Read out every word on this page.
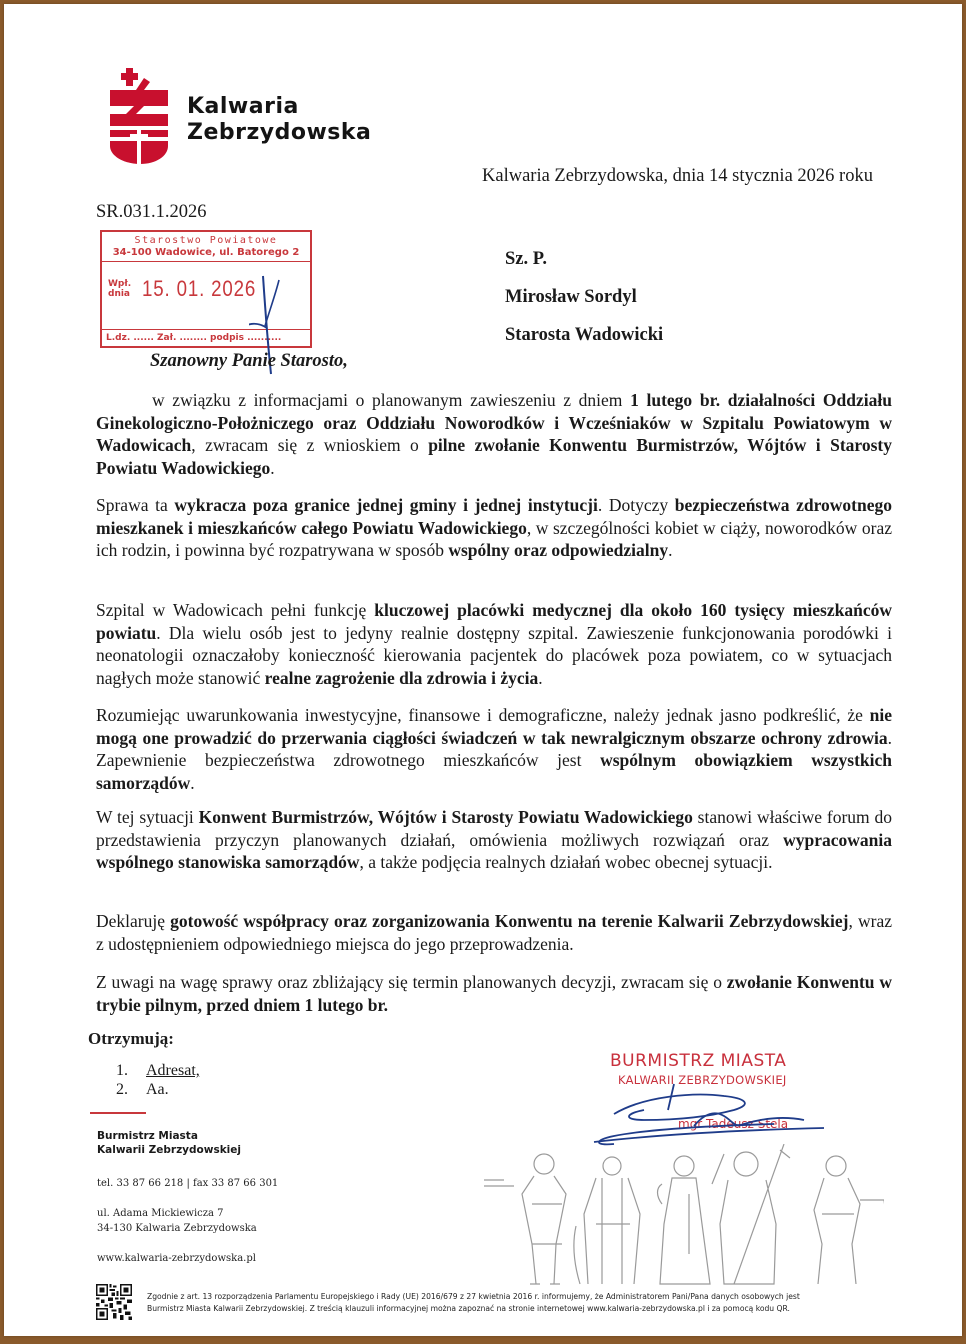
Kalwaria
Zebrzydowska
Kalwaria Zebrzydowska, dnia 14 stycznia 2026 roku
SR.031.1.2026
Starostwo Powiatowe
34-100 Wadowice, ul. Batorego 2
Wpł.
dnia 15. 01. 2026
L.dz. ...... Zał. ........ podpis ..........
Sz. P.
Mirosław Sordyl
Starosta Wadowicki
Szanowny Panie Starosto,
w związku z informacjami o planowanym zawieszeniu z dniem 1 lutego br. działalności Oddziału Ginekologiczno-Położniczego oraz Oddziału Noworodków i Wcześniaków w Szpitalu Powiatowym w Wadowicach, zwracam się z wnioskiem o pilne zwołanie Konwentu Burmistrzów, Wójtów i Starosty Powiatu Wadowickiego.
Sprawa ta wykracza poza granice jednej gminy i jednej instytucji. Dotyczy bezpieczeństwa zdrowotnego mieszkanek i mieszkańców całego Powiatu Wadowickiego, w szczególności kobiet w ciąży, noworodków oraz ich rodzin, i powinna być rozpatrywana w sposób wspólny oraz odpowiedzialny.
Szpital w Wadowicach pełni funkcję kluczowej placówki medycznej dla około 160 tysięcy mieszkańców powiatu. Dla wielu osób jest to jedyny realnie dostępny szpital. Zawieszenie funkcjonowania porodówki i neonatologii oznaczałoby konieczność kierowania pacjentek do placówek poza powiatem, co w sytuacjach nagłych może stanowić realne zagrożenie dla zdrowia i życia.
Rozumiejąc uwarunkowania inwestycyjne, finansowe i demograficzne, należy jednak jasno podkreślić, że nie mogą one prowadzić do przerwania ciągłości świadczeń w tak newralgicznym obszarze ochrony zdrowia. Zapewnienie bezpieczeństwa zdrowotnego mieszkańców jest wspólnym obowiązkiem wszystkich samorządów.
W tej sytuacji Konwent Burmistrzów, Wójtów i Starosty Powiatu Wadowickiego stanowi właściwe forum do przedstawienia przyczyn planowanych działań, omówienia możliwych rozwiązań oraz wypracowania wspólnego stanowiska samorządów, a także podjęcia realnych działań wobec obecnej sytuacji.
Deklaruję gotowość współpracy oraz zorganizowania Konwentu na terenie Kalwarii Zebrzydowskiej, wraz z udostępnieniem odpowiedniego miejsca do jego przeprowadzenia.
Z uwagi na wagę sprawy oraz zbliżający się termin planowanych decyzji, zwracam się o zwołanie Konwentu w trybie pilnym, przed dniem 1 lutego br.
Otrzymują:
1. Adresat,
2. Aa.
Burmistrz Miasta
Kalwarii Zebrzydowskiej
tel. 33 87 66 218 | fax 33 87 66 301
ul. Adama Mickiewicza 7
34-130 Kalwaria Zebrzydowska
www.kalwaria-zebrzydowska.pl
Zgodnie z art. 13 rozporządzenia Parlamentu Europejskiego i Rady (UE) 2016/679 z 27 kwietnia 2016 r. informujemy, że Administratorem Pani/Pana danych osobowych jest
Burmistrz Miasta Kalwarii Zebrzydowskiej. Z treścią klauzuli informacyjnej można zapoznać na stronie internetowej www.kalwaria-zebrzydowska.pl i za pomocą kodu QR.
BURMISTRZ MIASTA
KALWARII ZEBRZYDOWSKIEJ
mgr Tadeusz Stela
